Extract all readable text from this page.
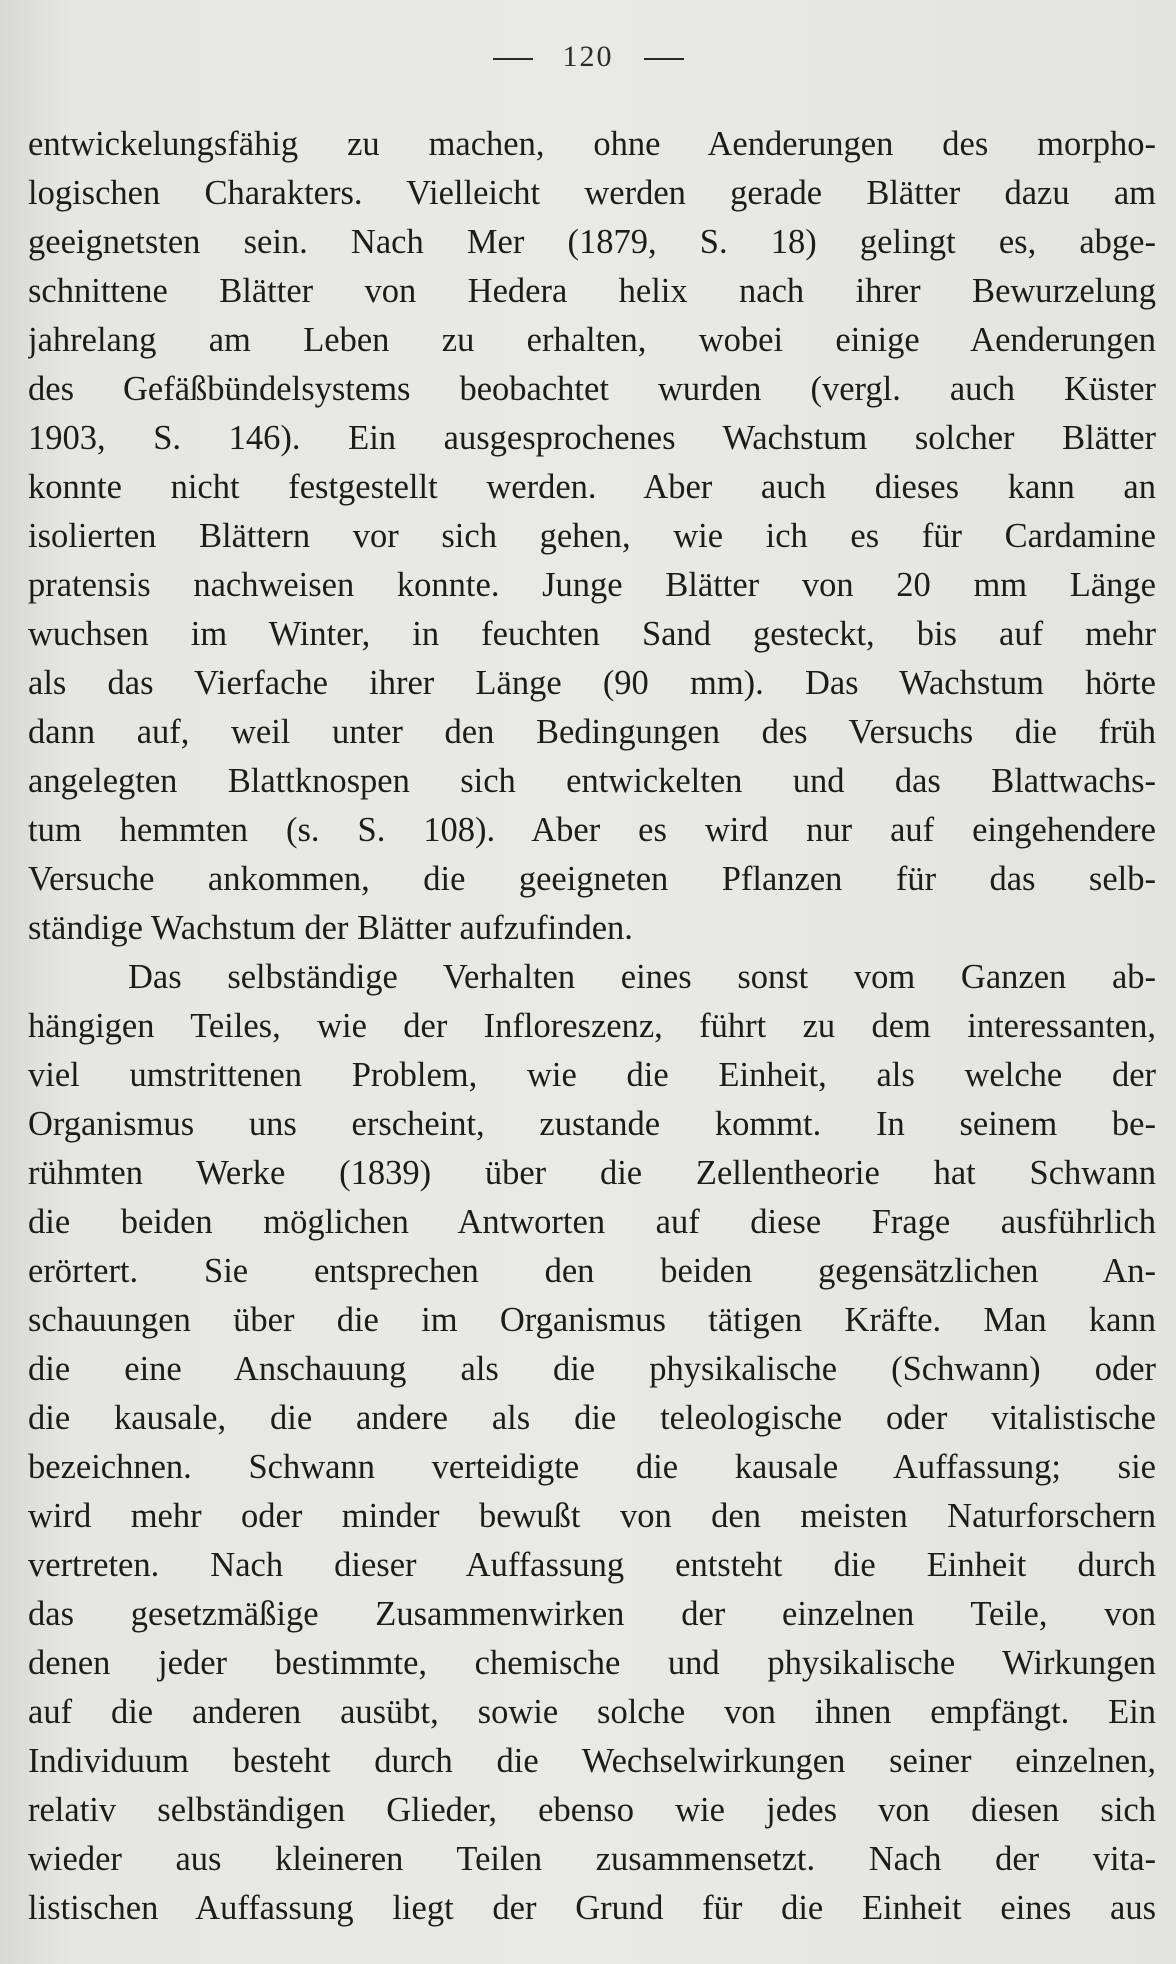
120
entwickelungsfähig zu machen, ohne Aenderungen des morpho-
logischen Charakters. Vielleicht werden gerade Blätter dazu am
geeignetsten sein. Nach Mer (1879, S. 18) gelingt es, abge-
schnittene Blätter von Hedera helix nach ihrer Bewurzelung
jahrelang am Leben zu erhalten, wobei einige Aenderungen
des Gefäßbündelsystems beobachtet wurden (vergl. auch Küster
1903, S. 146). Ein ausgesprochenes Wachstum solcher Blätter
konnte nicht festgestellt werden. Aber auch dieses kann an
isolierten Blättern vor sich gehen, wie ich es für Cardamine
pratensis nachweisen konnte. Junge Blätter von 20 mm Länge
wuchsen im Winter, in feuchten Sand gesteckt, bis auf mehr
als das Vierfache ihrer Länge (90 mm). Das Wachstum hörte
dann auf, weil unter den Bedingungen des Versuchs die früh
angelegten Blattknospen sich entwickelten und das Blattwachs-
tum hemmten (s. S. 108). Aber es wird nur auf eingehendere
Versuche ankommen, die geeigneten Pflanzen für das selb-
ständige Wachstum der Blätter aufzufinden.
Das selbständige Verhalten eines sonst vom Ganzen ab-
hängigen Teiles, wie der Infloreszenz, führt zu dem interessanten,
viel umstrittenen Problem, wie die Einheit, als welche der
Organismus uns erscheint, zustande kommt. In seinem be-
rühmten Werke (1839) über die Zellentheorie hat Schwann
die beiden möglichen Antworten auf diese Frage ausführlich
erörtert. Sie entsprechen den beiden gegensätzlichen An-
schauungen über die im Organismus tätigen Kräfte. Man kann
die eine Anschauung als die physikalische (Schwann) oder
die kausale, die andere als die teleologische oder vitalistische
bezeichnen. Schwann verteidigte die kausale Auffassung; sie
wird mehr oder minder bewußt von den meisten Naturforschern
vertreten. Nach dieser Auffassung entsteht die Einheit durch
das gesetzmäßige Zusammenwirken der einzelnen Teile, von
denen jeder bestimmte, chemische und physikalische Wirkungen
auf die anderen ausübt, sowie solche von ihnen empfängt. Ein
Individuum besteht durch die Wechselwirkungen seiner einzelnen,
relativ selbständigen Glieder, ebenso wie jedes von diesen sich
wieder aus kleineren Teilen zusammensetzt. Nach der vita-
listischen Auffassung liegt der Grund für die Einheit eines aus
